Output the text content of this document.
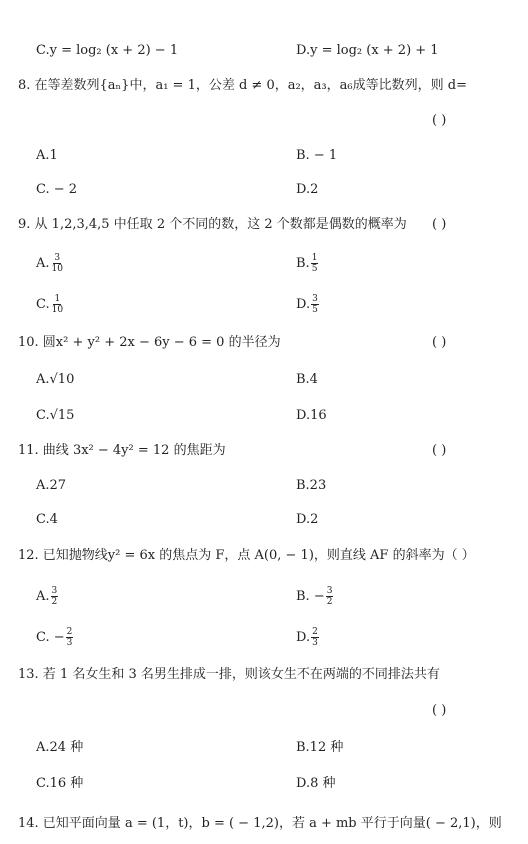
C.y = log₂ (x + 2) − 1	D.y = log₂ (x + 2) + 1
8. 在等差数列{aₙ}中，a₁ = 1，公差 d ≠ 0，a₂，a₃，a₆成等比数列，则 d=
( )
A.1	B. − 1
C. − 2	D.2
9. 从 1,2,3,4,5 中任取 2 个不同的数，这 2 个数都是偶数的概率为 ( )
A. $\frac{3}{10}$	B. $\frac{1}{5}$
C. $\frac{1}{10}$	D. $\frac{3}{5}$
10. 圆x² + y² + 2x − 6y − 6 = 0 的半径为	( )
A.√10	B.4
C.√15	D.16
11. 曲线 3x² − 4y² = 12 的焦距为	( )
A.27	B.23
C.4	D.2
12. 已知抛物线y² = 6x 的焦点为 F，点 A(0, − 1)，则直线 AF 的斜率为（ ）
A. $\frac{3}{2}$	B. − $\frac{3}{2}$
C. − $\frac{2}{3}$	D. $\frac{2}{3}$
13. 若 1 名女生和 3 名男生排成一排，则该女生不在两端的不同排法共有
( )
A.24 种	B.12 种
C.16 种	D.8 种
14. 已知平面向量 a = (1，t)，b = ( − 1,2)，若 a + mb 平行于向量( − 2,1)，则
